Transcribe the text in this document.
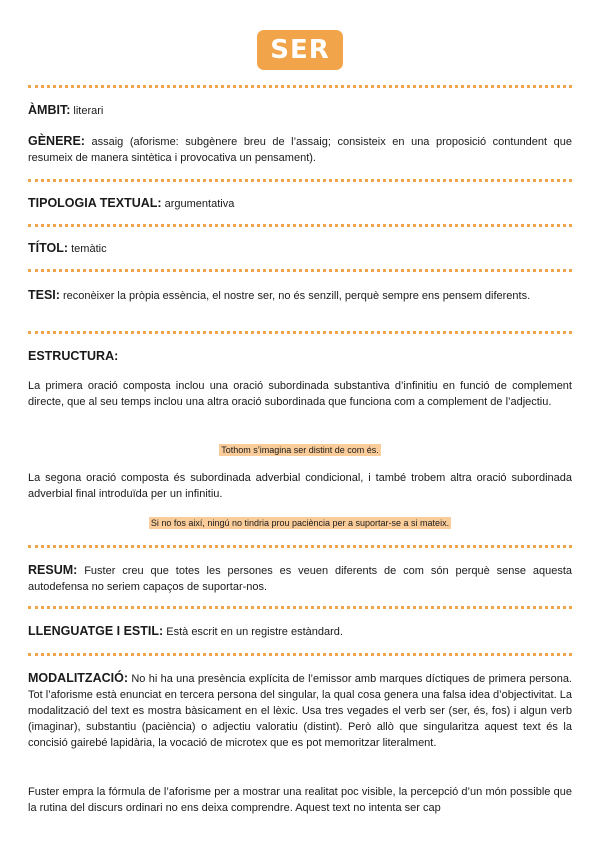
SER
ÀMBIT: literari
GÈNERE: assaig (aforisme: subgènere breu de l’assaig; consisteix en una proposició contundent que resumeix de manera sintètica i provocativa un pensament).
TIPOLOGIA TEXTUAL: argumentativa
TÍTOL: temàtic
TESI: reconèixer la pròpia essència, el nostre ser, no és senzill, perquè sempre ens pensem diferents.
ESTRUCTURA:
La primera oració composta inclou una oració subordinada substantiva d’infinitiu en funció de complement directe, que al seu temps inclou una altra oració subordinada que funciona com a complement de l’adjectiu.
Tothom s’imagina ser distint de com és.
La segona oració composta és subordinada adverbial condicional, i també trobem altra oració subordinada adverbial final introduïda per un infinitiu.
Si no fos així, ningú no tindria prou paciència per a suportar-se a si mateix.
RESUM: Fuster creu que totes les persones es veuen diferents de com són perquè sense aquesta autodefensa no seriem capaços de suportar-nos.
LLENGUATGE I ESTIL: Està escrit en un registre estàndard.
MODALITZACIÓ: No hi ha una presència explícita de l’emissor amb marques díctiques de primera persona. Tot l’aforisme està enunciat en tercera persona del singular, la qual cosa genera una falsa idea d’objectivitat. La modalització del text es mostra bàsicament en el lèxic. Usa tres vegades el verb ser (ser, és, fos) i algun verb (imaginar), substantiu (paciència) o adjectiu valoratiu (distint). Però allò que singularitza aquest text és la concisió gairebé lapidària, la vocació de microtex que es pot memoritzar literalment.
Fuster empra la fórmula de l’aforisme per a mostrar una realitat poc visible, la percepció d’un món possible que la rutina del discurs ordinari no ens deixa comprendre. Aquest text no intenta ser cap
